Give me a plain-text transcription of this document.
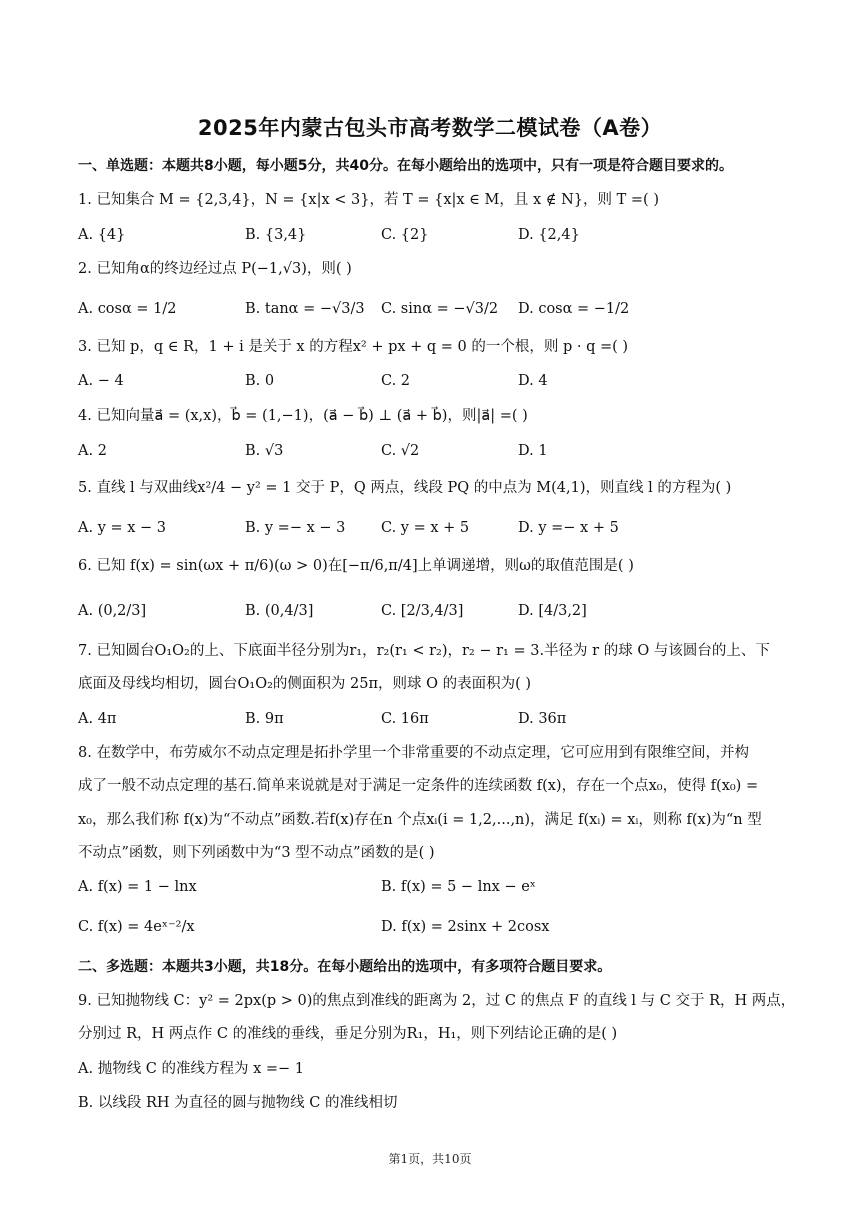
2025年内蒙古包头市高考数学二模试卷（A卷）
一、单选题：本题共8小题，每小题5分，共40分。在每小题给出的选项中，只有一项是符合题目要求的。
1. 已知集合 M = {2,3,4}，N = {x|x < 3}，若 T = {x|x ∈ M，且 x ∉ N}，则 T =( )
A. {4}	B. {3,4}	C. {2}	D. {2,4}
2. 已知角α的终边经过点 P(−1,√3)，则( )
A. cosα = 1/2	B. tanα = −√3/3 C. sinα = −√3/2 D. cosα = −1/2
3. 已知 p，q ∈ R，1 + i 是关于 x 的方程x² + px + q = 0 的一个根，则 p · q =( )
A. − 4	B. 0	C. 2	D. 4
4. 已知向量a⃗ = (x,x)，b⃗ = (1,−1)，(a⃗ − b⃗) ⊥ (a⃗ + b⃗)，则|a⃗| =( )
A. 2	B. √3	C. √2	D. 1
5. 直线 l 与双曲线x²/4 − y² = 1 交于 P，Q 两点，线段 PQ 的中点为 M(4,1)，则直线 l 的方程为( )
A. y = x − 3	B. y =− x − 3 C. y = x + 5	D. y =− x + 5
6. 已知 f(x) = sin(ωx + π/6)(ω > 0)在[−π/6,π/4]上单调递增，则ω的取值范围是( )
A. (0,2/3]	B. (0,4/3]	C. [2/3,4/3]	D. [4/3,2]
7. 已知圆台O₁O₂的上、下底面半径分别为r₁，r₂(r₁ < r₂)，r₂ − r₁ = 3.半径为 r 的球 O 与该圆台的上、下
底面及母线均相切，圆台O₁O₂的侧面积为 25π，则球 O 的表面积为( )
A. 4π	B. 9π	C. 16π	D. 36π
8. 在数学中，布劳威尔不动点定理是拓扑学里一个非常重要的不动点定理，它可应用到有限维空间，并构
成了一般不动点定理的基石.简单来说就是对于满足一定条件的连续函数 f(x)，存在一个点x₀，使得 f(x₀) =
x₀，那么我们称 f(x)为“不动点”函数.若f(x)存在n 个点xᵢ(i = 1,2,...,n)，满足 f(xᵢ) = xᵢ，则称 f(x)为“n 型
不动点”函数，则下列函数中为“3 型不动点”函数的是( )
A. f(x) = 1 − lnx	B. f(x) = 5 − lnx − eˣ
C. f(x) = 4eˣ⁻²/x	D. f(x) = 2sinx + 2cosx
二、多选题：本题共3小题，共18分。在每小题给出的选项中，有多项符合题目要求。
9. 已知抛物线 C：y² = 2px(p > 0)的焦点到准线的距离为 2，过 C 的焦点 F 的直线 l 与 C 交于 R，H 两点，
分别过 R，H 两点作 C 的准线的垂线，垂足分别为R₁，H₁，则下列结论正确的是( )
A. 抛物线 C 的准线方程为 x =− 1
B. 以线段 RH 为直径的圆与抛物线 C 的准线相切
第1页，共10页
